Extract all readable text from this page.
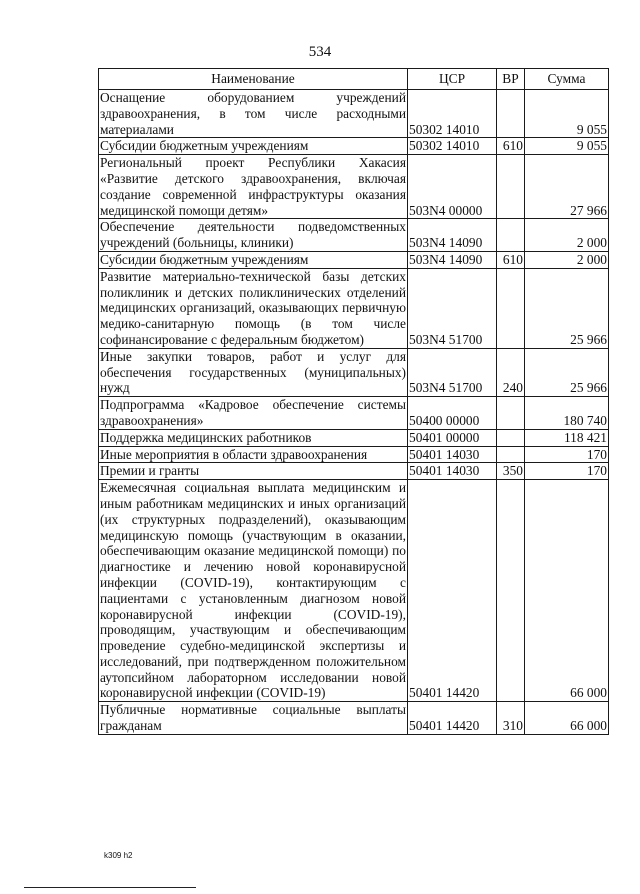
534
Наименование	ЦСР	ВР	Сумма
Оснащение оборудованием учреждений здравоохранения, в том числе расходными материалами	50302 14010		9 055
Субсидии бюджетным учреждениям	50302 14010	610	9 055
Региональный проект Республики Хакасия «Развитие детского здравоохранения, включая создание современной инфраструктуры оказания медицинской помощи детям»	503N4 00000		27 966
Обеспечение деятельности подведомственных учреждений (больницы, клиники)	503N4 14090		2 000
Субсидии бюджетным учреждениям	503N4 14090	610	2 000
Развитие материально-технической базы детских поликлиник и детских поликлинических отделений медицинских организаций, оказывающих первичную медико-санитарную помощь (в том числе софинансирование с федеральным бюджетом)	503N4 51700		25 966
Иные закупки товаров, работ и услуг для обеспечения государственных (муниципальных) нужд	503N4 51700	240	25 966
Подпрограмма «Кадровое обеспечение системы здравоохранения»	50400 00000		180 740
Поддержка медицинских работников	50401 00000		118 421
Иные мероприятия в области здравоохранения	50401 14030		170
Премии и гранты	50401 14030	350	170
Ежемесячная социальная выплата медицинским и иным работникам медицинских и иных организаций (их структурных подразделений), оказывающим медицинскую помощь (участвующим в оказании, обеспечивающим оказание медицинской помощи) по диагностике и лечению новой коронавирусной инфекции (COVID-19), контактирующим с пациентами с установленным диагнозом новой коронавирусной инфекции (COVID-19), проводящим, участвующим и обеспечивающим проведение судебно-медицинской экспертизы и исследований, при подтвержденном положительном аутопсийном лабораторном исследовании новой коронавирусной инфекции (COVID-19)	50401 14420		66 000
Публичные нормативные социальные выплаты гражданам	50401 14420	310	66 000
k309 h2
